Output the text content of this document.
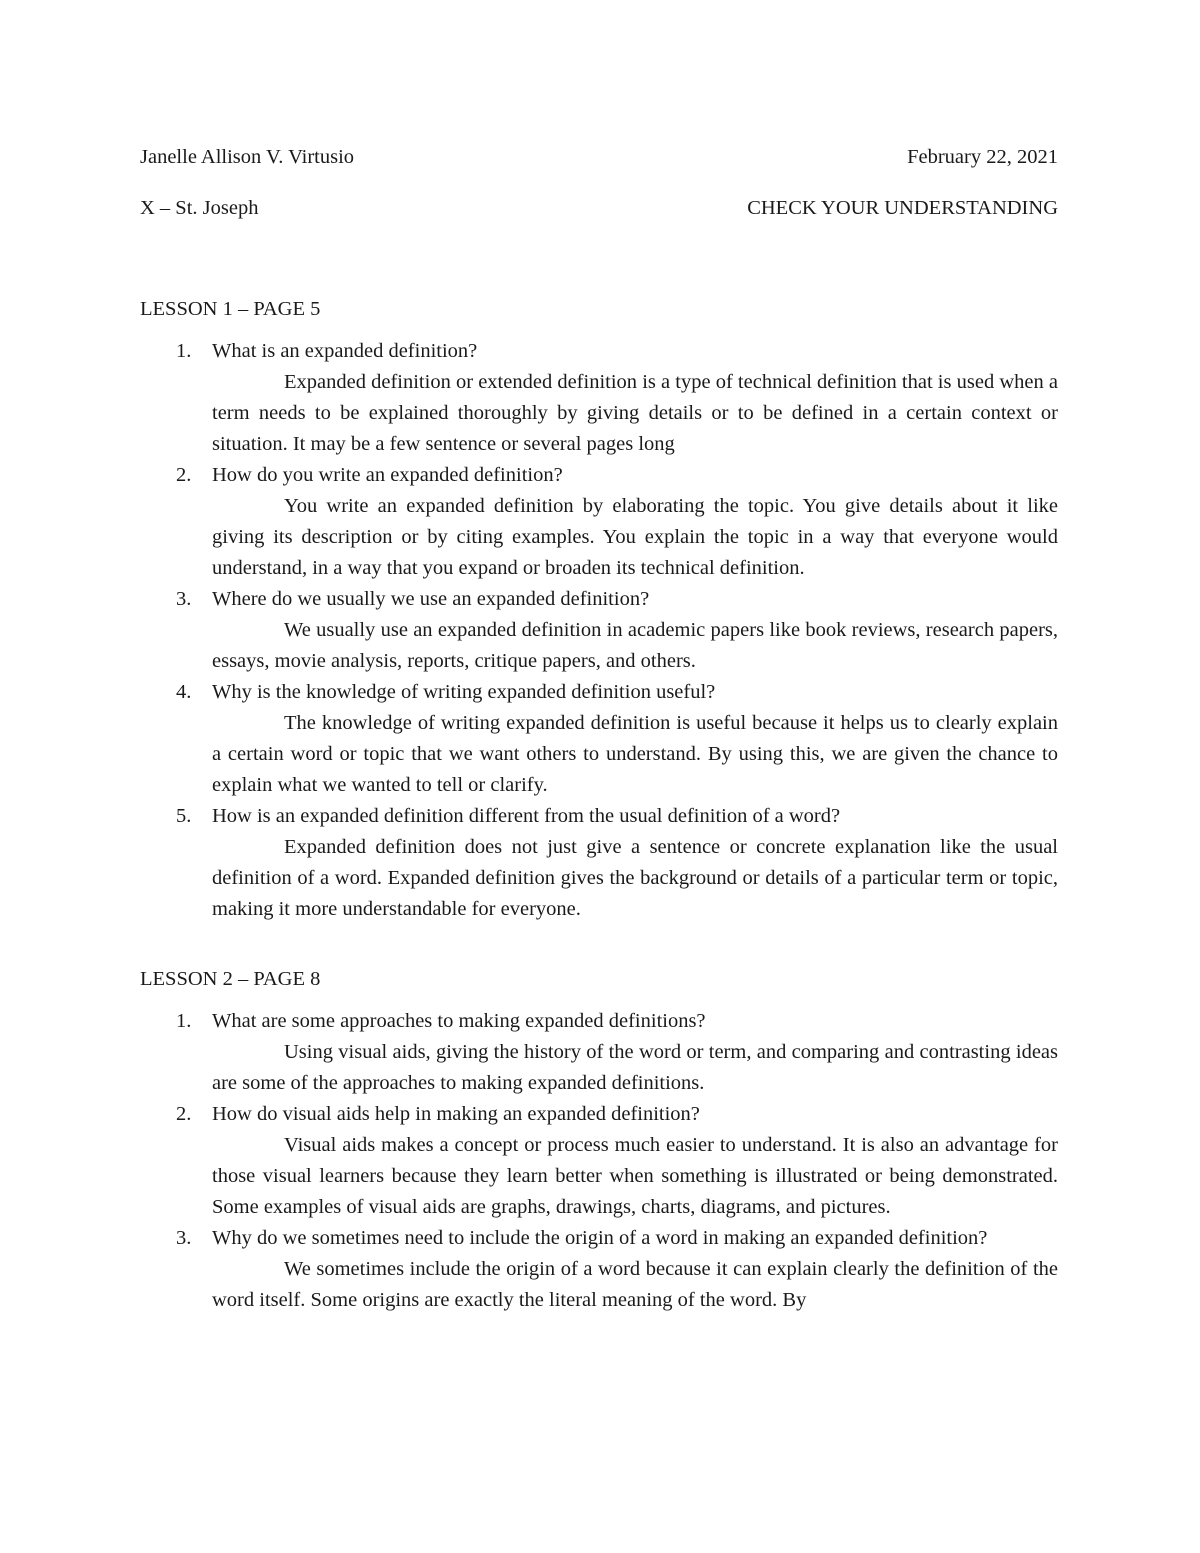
Janelle Allison V. Virtusio	February 22, 2021
X – St. Joseph	CHECK YOUR UNDERSTANDING
LESSON 1 – PAGE 5
1. What is an expanded definition?
Expanded definition or extended definition is a type of technical definition that is used when a term needs to be explained thoroughly by giving details or to be defined in a certain context or situation. It may be a few sentence or several pages long
2. How do you write an expanded definition?
You write an expanded definition by elaborating the topic. You give details about it like giving its description or by citing examples. You explain the topic in a way that everyone would understand, in a way that you expand or broaden its technical definition.
3. Where do we usually we use an expanded definition?
We usually use an expanded definition in academic papers like book reviews, research papers, essays, movie analysis, reports, critique papers, and others.
4. Why is the knowledge of writing expanded definition useful?
The knowledge of writing expanded definition is useful because it helps us to clearly explain a certain word or topic that we want others to understand. By using this, we are given the chance to explain what we wanted to tell or clarify.
5. How is an expanded definition different from the usual definition of a word?
Expanded definition does not just give a sentence or concrete explanation like the usual definition of a word. Expanded definition gives the background or details of a particular term or topic, making it more understandable for everyone.
LESSON 2 – PAGE 8
1. What are some approaches to making expanded definitions?
Using visual aids, giving the history of the word or term, and comparing and contrasting ideas are some of the approaches to making expanded definitions.
2. How do visual aids help in making an expanded definition?
Visual aids makes a concept or process much easier to understand. It is also an advantage for those visual learners because they learn better when something is illustrated or being demonstrated. Some examples of visual aids are graphs, drawings, charts, diagrams, and pictures.
3. Why do we sometimes need to include the origin of a word in making an expanded definition?
We sometimes include the origin of a word because it can explain clearly the definition of the word itself. Some origins are exactly the literal meaning of the word. By
